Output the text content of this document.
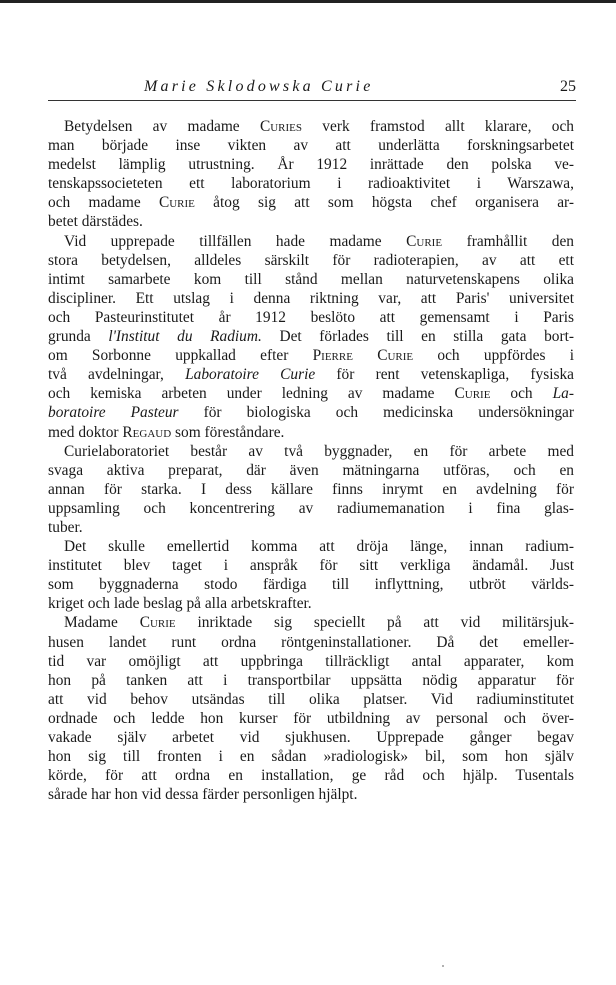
Marie Sklodowska Curie	25
Betydelsen av madame Curies verk framstod allt klarare, och
man började inse vikten av att underlätta forskningsarbetet
medelst lämplig utrustning. År 1912 inrättade den polska ve-
tenskapssocieteten ett laboratorium i radioaktivitet i Warszawa,
och madame Curie åtog sig att som högsta chef organisera ar-
betet därstädes.
Vid upprepade tillfällen hade madame Curie framhållit den
stora betydelsen, alldeles särskilt för radioterapien, av att ett
intimt samarbete kom till stånd mellan naturvetenskapens olika
discipliner. Ett utslag i denna riktning var, att Paris' universitet
och Pasteurinstitutet år 1912 beslöto att gemensamt i Paris
grunda l'Institut du Radium. Det förlades till en stilla gata bort-
om Sorbonne uppkallad efter Pierre Curie och uppfördes i
två avdelningar, Laboratoire Curie för rent vetenskapliga, fysiska
och kemiska arbeten under ledning av madame Curie och La-
boratoire Pasteur för biologiska och medicinska undersökningar
med doktor Regaud som föreståndare.
Curielaboratoriet består av två byggnader, en för arbete med
svaga aktiva preparat, där även mätningarna utföras, och en
annan för starka. I dess källare finns inrymt en avdelning för
uppsamling och koncentrering av radiumemanation i fina glas-
tuber.
Det skulle emellertid komma att dröja länge, innan radium-
institutet blev taget i anspråk för sitt verkliga ändamål. Just
som byggnaderna stodo färdiga till inflyttning, utbröt världs-
kriget och lade beslag på alla arbetskrafter.
Madame Curie inriktade sig speciellt på att vid militärsjuk-
husen landet runt ordna röntgeninstallationer. Då det emeller-
tid var omöjligt att uppbringa tillräckligt antal apparater, kom
hon på tanken att i transportbilar uppsätta nödig apparatur för
att vid behov utsändas till olika platser. Vid radiuminstitutet
ordnade och ledde hon kurser för utbildning av personal och över-
vakade själv arbetet vid sjukhusen. Upprepade gånger begav
hon sig till fronten i en sådan »radiologisk» bil, som hon själv
körde, för att ordna en installation, ge råd och hjälp. Tusentals
sårade har hon vid dessa färder personligen hjälpt.
